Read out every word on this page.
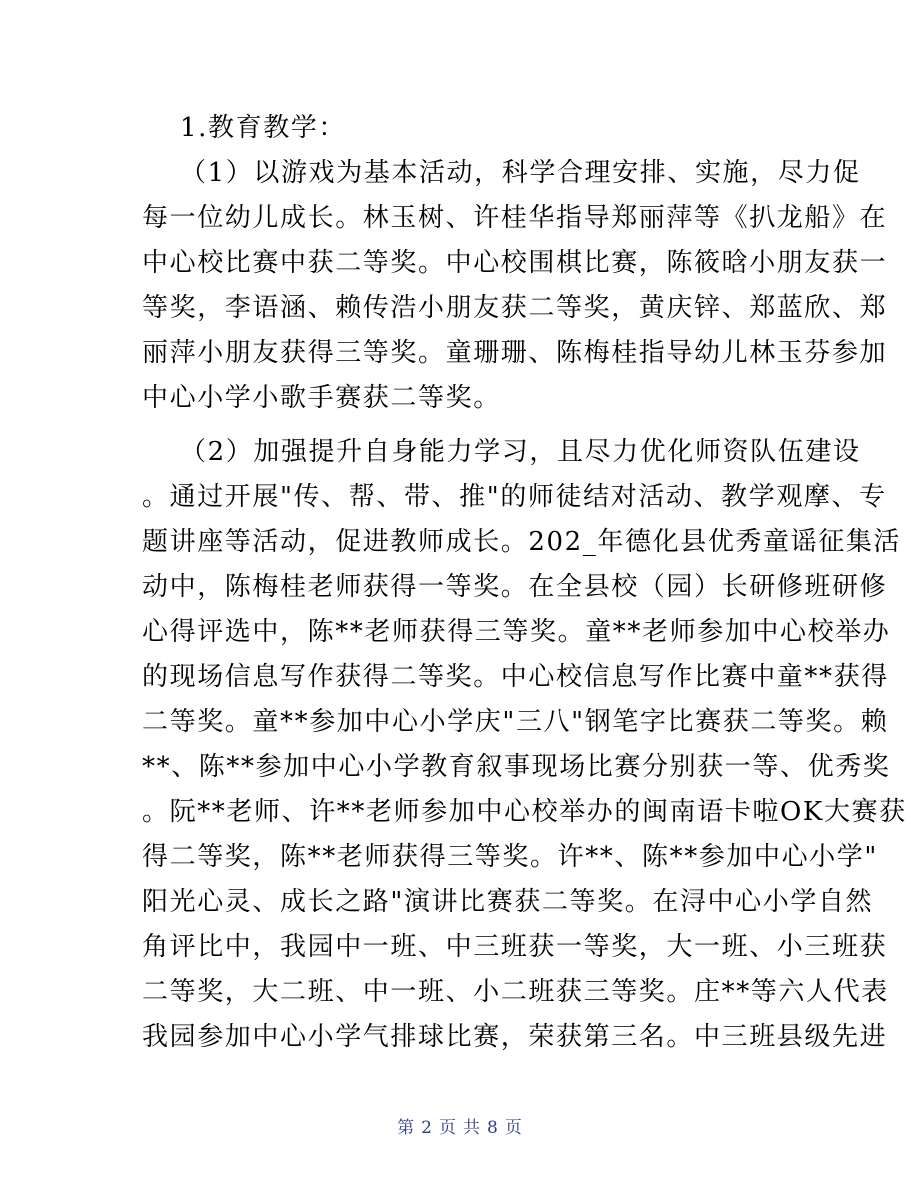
1.教育教学：
（1）以游戏为基本活动，科学合理安排、实施，尽力促
每一位幼儿成长。林玉树、许桂华指导郑丽萍等《扒龙船》在
中心校比赛中获二等奖。中心校围棋比赛，陈筱晗小朋友获一
等奖，李语涵、赖传浩小朋友获二等奖，黄庆锌、郑蓝欣、郑
丽萍小朋友获得三等奖。童珊珊、陈梅桂指导幼儿林玉芬参加
中心小学小歌手赛获二等奖。
（2）加强提升自身能力学习，且尽力优化师资队伍建设
。通过开展"传、帮、带、推"的师徒结对活动、教学观摩、专
题讲座等活动，促进教师成长。202_年德化县优秀童谣征集活
动中，陈梅桂老师获得一等奖。在全县校（园）长研修班研修
心得评选中，陈**老师获得三等奖。童**老师参加中心校举办
的现场信息写作获得二等奖。中心校信息写作比赛中童**获得
二等奖。童**参加中心小学庆"三八"钢笔字比赛获二等奖。赖
**、陈**参加中心小学教育叙事现场比赛分别获一等、优秀奖
。阮**老师、许**老师参加中心校举办的闽南语卡啦OK大赛获
得二等奖，陈**老师获得三等奖。许**、陈**参加中心小学"
阳光心灵、成长之路"演讲比赛获二等奖。在浔中心小学自然
角评比中，我园中一班、中三班获一等奖，大一班、小三班获
二等奖，大二班、中一班、小二班获三等奖。庄**等六人代表
我园参加中心小学气排球比赛，荣获第三名。中三班县级先进
第 2 页 共 8 页
